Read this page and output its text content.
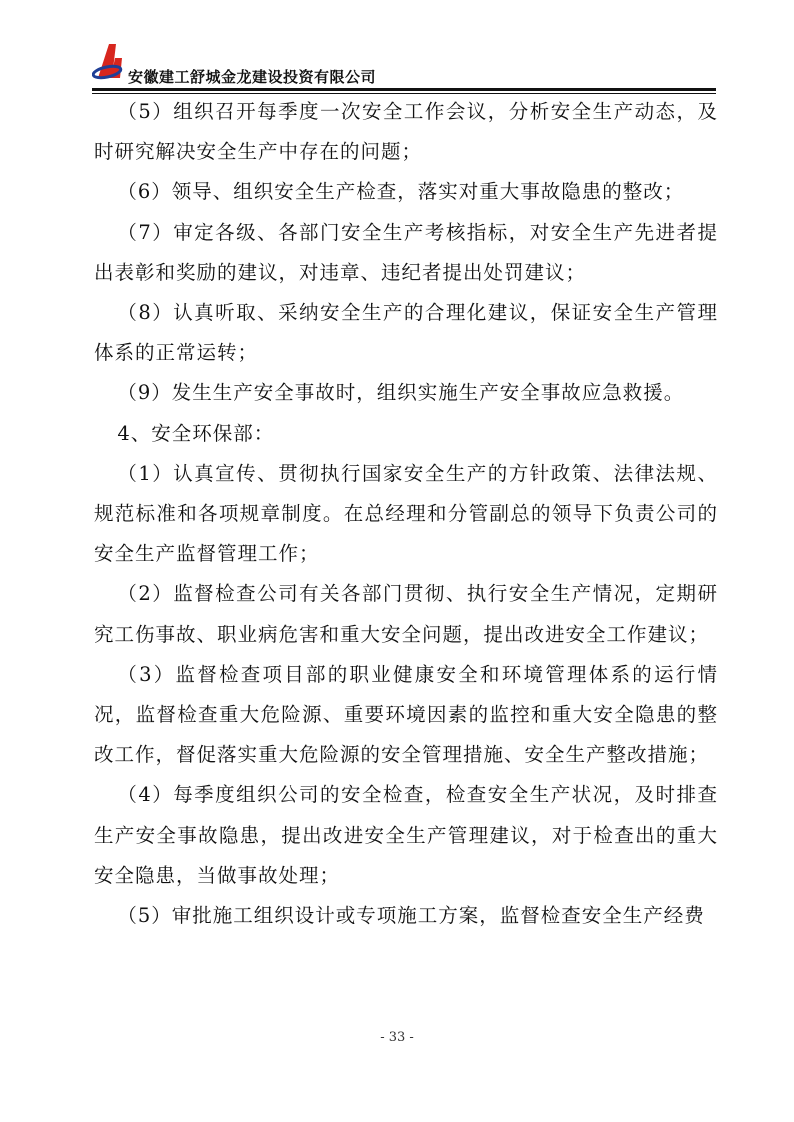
安徽建工舒城金龙建设投资有限公司

（5）组织召开每季度一次安全工作会议，分析安全生产动态，及时研究解决安全生产中存在的问题；

（6）领导、组织安全生产检查，落实对重大事故隐患的整改；

（7）审定各级、各部门安全生产考核指标，对安全生产先进者提出表彰和奖励的建议，对违章、违纪者提出处罚建议；

（8）认真听取、采纳安全生产的合理化建议，保证安全生产管理体系的正常运转；

（9）发生生产安全事故时，组织实施生产安全事故应急救援。

4、安全环保部：

（1）认真宣传、贯彻执行国家安全生产的方针政策、法律法规、规范标准和各项规章制度。在总经理和分管副总的领导下负责公司的安全生产监督管理工作；

（2）监督检查公司有关各部门贯彻、执行安全生产情况，定期研究工伤事故、职业病危害和重大安全问题，提出改进安全工作建议；

（3）监督检查项目部的职业健康安全和环境管理体系的运行情况，监督检查重大危险源、重要环境因素的监控和重大安全隐患的整改工作，督促落实重大危险源的安全管理措施、安全生产整改措施；

（4）每季度组织公司的安全检查，检查安全生产状况，及时排查生产安全事故隐患，提出改进安全生产管理建议，对于检查出的重大安全隐患，当做事故处理；

（5）审批施工组织设计或专项施工方案，监督检查安全生产经费

- 33 -
